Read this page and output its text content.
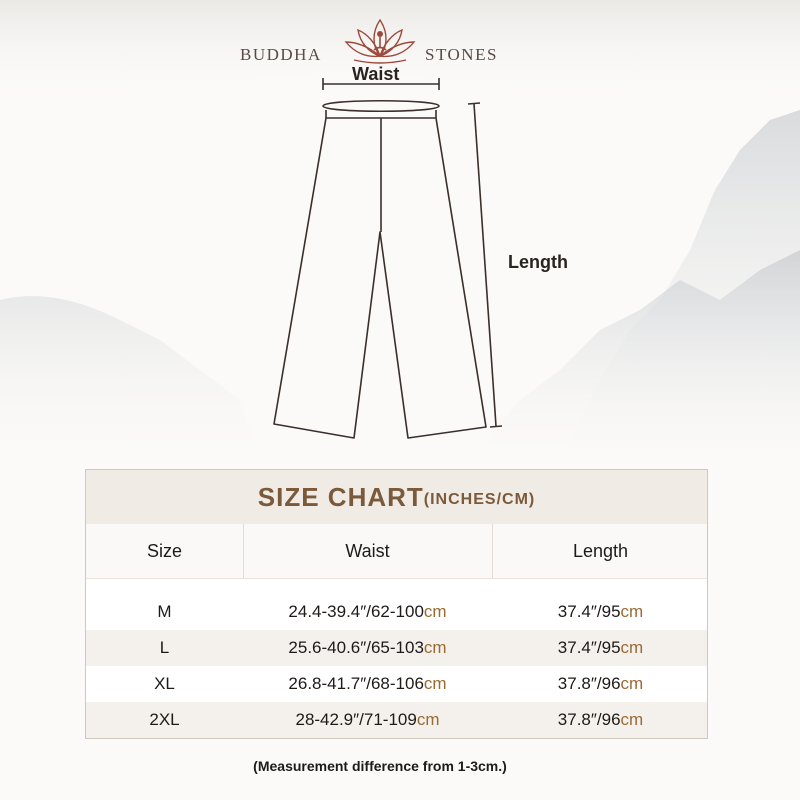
BUDDHA	STONES
Waist
Length
SIZE CHART (INCHES/CM)
Size	Waist	Length
M	24.4-39.4″/62-100 cm	37.4″/95 cm
L	25.6-40.6″/65-103 cm	37.4″/95 cm
XL	26.8-41.7″/68-106 cm	37.8″/96 cm
2XL	28-42.9″/71-109 cm	37.8″/96 cm
(Measurement difference from 1-3cm.)
